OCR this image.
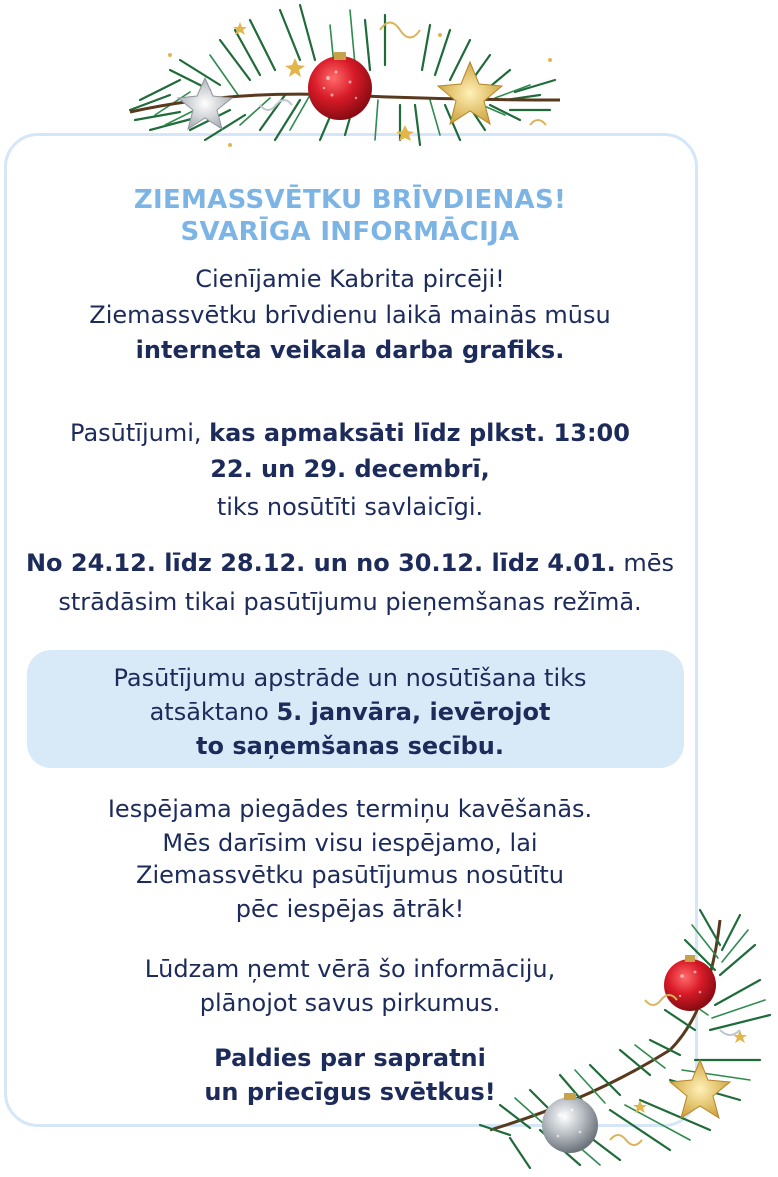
ZIEMASSVĒTKU BRĪVDIENAS!
SVARĪGA INFORMĀCIJA
Cienījamie Kabrita pircēji!
Ziemassvētku brīvdienu laikā mainās mūsu
interneta veikala darba grafiks.
Pasūtījumi, kas apmaksāti līdz plkst. 13:00
22. un 29. decembrī,
tiks nosūtīti savlaicīgi.
No 24.12. līdz 28.12. un no 30.12. līdz 4.01. mēs
strādāsim tikai pasūtījumu pieņemšanas režīmā.
Pasūtījumu apstrāde un nosūtīšana tiks
atsāktano 5. janvāra, ievērojot
to saņemšanas secību.
Iespējama piegādes termiņu kavēšanās.
Mēs darīsim visu iespējamo, lai
Ziemassvētku pasūtījumus nosūtītu
pēc iespējas ātrāk!
Lūdzam ņemt vērā šo informāciju,
plānojot savus pirkumus.
Paldies par sapratni
un priecīgus svētkus!
